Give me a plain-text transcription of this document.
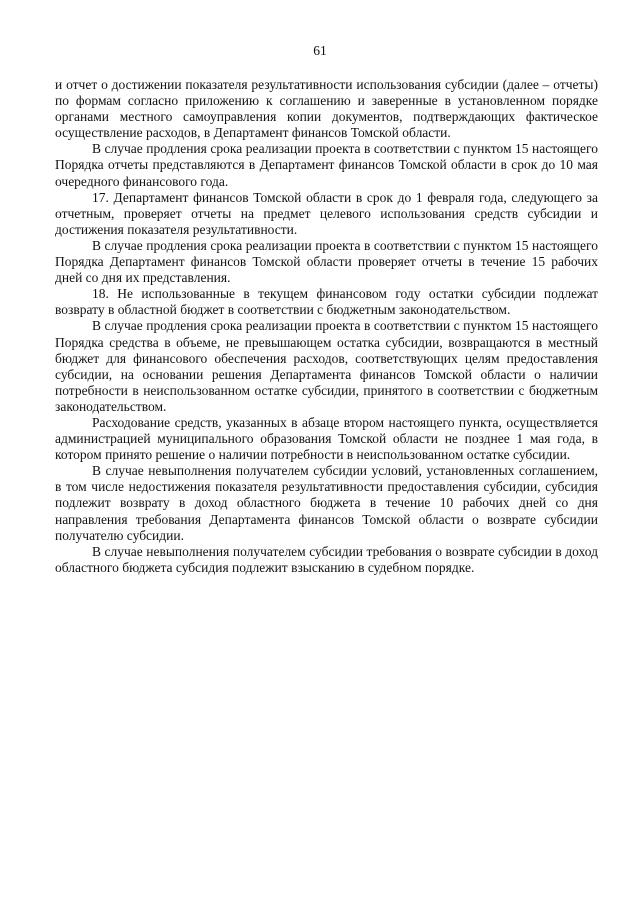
61

и отчет о достижении показателя результативности использования субсидии (далее – отчеты) по формам согласно приложению к соглашению и заверенные в установленном порядке органами местного самоуправления копии документов, подтверждающих фактическое осуществление расходов, в Департамент финансов Томской области.

В случае продления срока реализации проекта в соответствии с пунктом 15 настоящего Порядка отчеты представляются в Департамент финансов Томской области в срок до 10 мая очередного финансового года.

17. Департамент финансов Томской области в срок до 1 февраля года, следующего за отчетным, проверяет отчеты на предмет целевого использования средств субсидии и достижения показателя результативности.

В случае продления срока реализации проекта в соответствии с пунктом 15 настоящего Порядка Департамент финансов Томской области проверяет отчеты в течение 15 рабочих дней со дня их представления.

18. Не использованные в текущем финансовом году остатки субсидии подлежат возврату в областной бюджет в соответствии с бюджетным законодательством.

В случае продления срока реализации проекта в соответствии с пунктом 15 настоящего Порядка средства в объеме, не превышающем остатка субсидии, возвращаются в местный бюджет для финансового обеспечения расходов, соответствующих целям предоставления субсидии, на основании решения Департамента финансов Томской области о наличии потребности в неиспользованном остатке субсидии, принятого в соответствии с бюджетным законодательством.

Расходование средств, указанных в абзаце втором настоящего пункта, осуществляется администрацией муниципального образования Томской области не позднее 1 мая года, в котором принято решение о наличии потребности в неиспользованном остатке субсидии.

В случае невыполнения получателем субсидии условий, установленных соглашением, в том числе недостижения показателя результативности предоставления субсидии, субсидия подлежит возврату в доход областного бюджета в течение 10 рабочих дней со дня направления требования Департамента финансов Томской области о возврате субсидии получателю субсидии.

В случае невыполнения получателем субсидии требования о возврате субсидии в доход областного бюджета субсидия подлежит взысканию в судебном порядке.
